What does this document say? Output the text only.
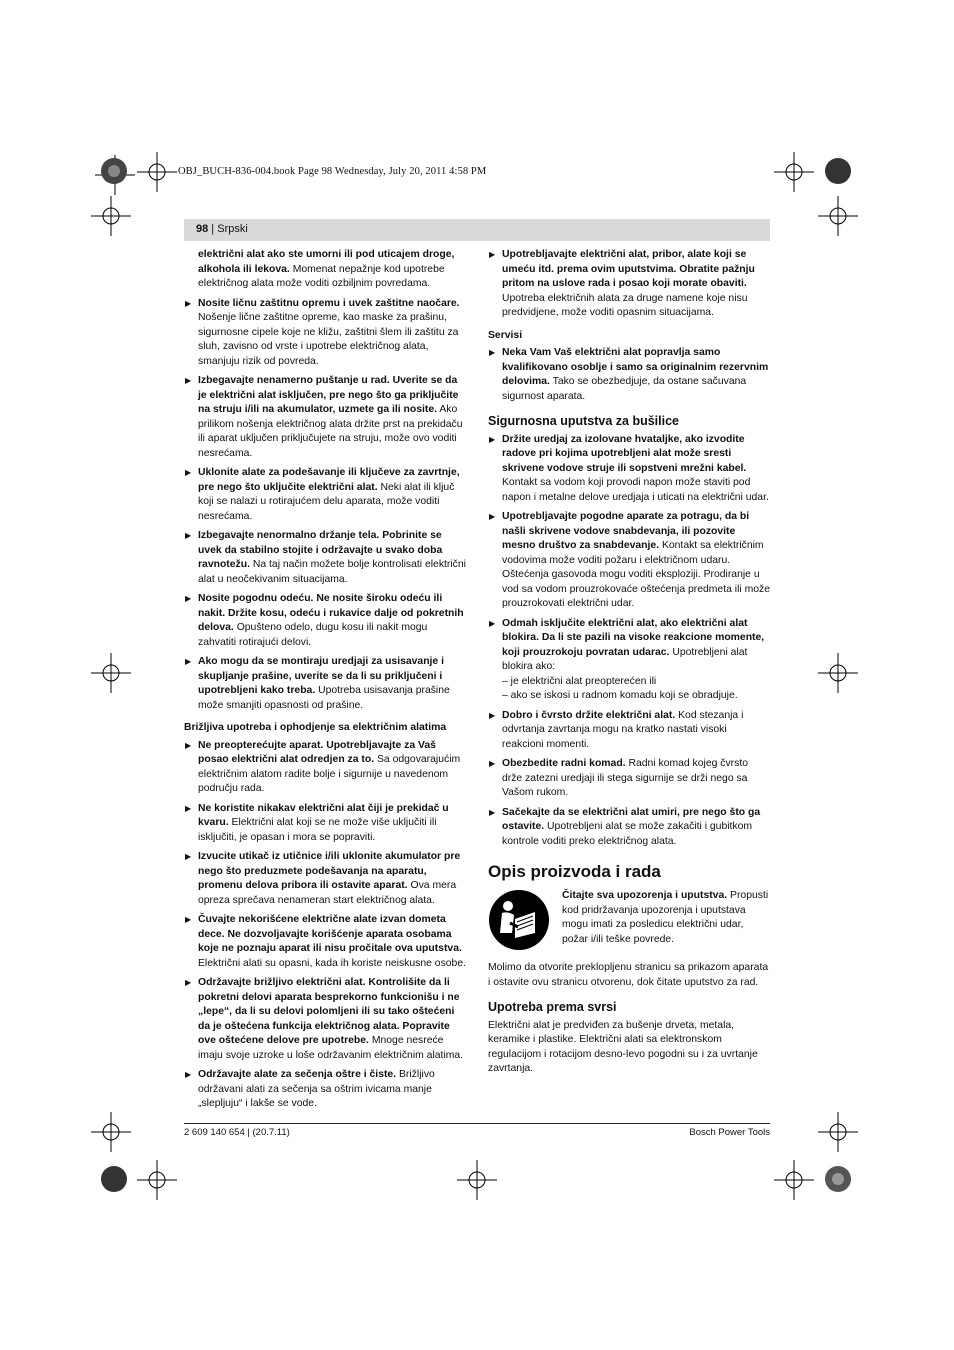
OBJ_BUCH-836-004.book Page 98 Wednesday, July 20, 2011 4:58 PM
98 | Srpski

električni alat ako ste umorni ili pod uticajem droge, alkohola ili lekova. Momenat nepažnje kod upotrebe električnog alata može voditi ozbiljnim povredama.

▶ Nosite ličnu zaštitnu opremu i uvek zaštitne naočare. Nošenje lične zaštitne opreme, kao maske za prašinu, sigurnosne cipele koje ne kližu, zaštitni šlem ili zaštitu za sluh, zavisno od vrste i upotrebe električnog alata, smanjuju rizik od povreda.
▶ Izbegavajte nenamerno puštanje u rad. Uverite se da je električni alat isključen, pre nego što ga priključite na struju i/ili na akumulator, uzmete ga ili nosite. Ako prilikom nošenja električnog alata držite prst na prekidaču ili aparat uključen priključujete na struju, može ovo voditi nesrećama.
▶ Uklonite alate za podešavanje ili ključeve za zavrtnje, pre nego što uključite električni alat. Neki alat ili ključ koji se nalazi u rotirajućem delu aparata, može voditi nesrećama.
▶ Izbegavajte nenormalno držanje tela. Pobrinite se uvek da stabilno stojite i održavajte u svako doba ravnotežu. Na taj način možete bolje kontrolisati električni alat u neočekivanim situacijama.
▶ Nosite pogodnu odeću. Ne nosite široku odeću ili nakit. Držite kosu, odeću i rukavice dalje od pokretnih delova. Opušteno odelo, dugu kosu ili nakit mogu zahvatiti rotirajući delovi.
▶ Ako mogu da se montiraju uredjaji za usisavanje i skupljanje prašine, uverite se da li su priključeni i upotrebljeni kako treba. Upotreba usisavanja prašine može smanjiti opasnosti od prašine.
Brižljiva upotreba i ophodjenje sa električnim alatima
▶ Ne preopterećujte aparat. Upotrebljavajte za Vaš posao električni alat odredjen za to. Sa odgovarajućim električnim alatom radite bolje i sigurnije u navedenom području rada.
▶ Ne koristite nikakav električni alat čiji je prekidač u kvaru. Električni alat koji se ne može više uključiti ili isključiti, je opasan i mora se popraviti.
▶ Izvucite utikač iz utičnice i/ili uklonite akumulator pre nego što preduzmete podešavanja na aparatu, promenu delova pribora ili ostavite aparat. Ova mera opreza sprečava nenameran start električnog alata.
▶ Čuvajte nekorišćene električne alate izvan dometa dece. Ne dozvoljavajte korišćenje aparata osobama koje ne poznaju aparat ili nisu pročitale ova uputstva. Električni alati su opasni, kada ih koriste neiskusne osobe.
▶ Održavajte brižljivo električni alat. Kontrolišite da li pokretni delovi aparata besprekorno funkcionišu i ne „lepe“, da li su delovi polomljeni ili su tako oštećeni da je oštećena funkcija električnog alata. Popravite ove oštećene delove pre upotrebe. Mnoge nesreće imaju svoje uzroke u loše održavanim električnim alatima.
▶ Održavajte alate za sečenja oštre i čiste. Brižljivo održavani alati za sečenja sa oštrim ivicama manje „slepljuju“ i lakše se vode.
▶ Upotrebljavajte električni alat, pribor, alate koji se umeću itd. prema ovim uputstvima. Obratite pažnju pritom na uslove rada i posao koji morate obaviti. Upotreba električnih alata za druge namene koje nisu predvidjene, može voditi opasnim situacijama.
Servisi
▶ Neka Vam Vaš električni alat popravlja samo kvalifikovano osoblje i samo sa originalnim rezervnim delovima. Tako se obezbedjuje, da ostane sačuvana sigurnost aparata.
Sigurnosna uputstva za bušilice
▶ Držite uredjaj za izolovane hvataljke, ako izvodite radove pri kojima upotrebljeni alat može sresti skrivene vodove struje ili sopstveni mrežni kabel. Kontakt sa vodom koji provodi napon može staviti pod napon i metalne delove uredjaja i uticati na električni udar.
▶ Upotrebljavajte pogodne aparate za potragu, da bi našli skrivene vodove snabdevanja, ili pozovite mesno društvo za snabdevanje. Kontakt sa električnim vodovima može voditi požaru i električnom udaru. Oštećenja gasovoda mogu voditi eksploziji. Prodiranje u vod sa vodom prouzrokovaće oštećenja predmeta ili može prouzrokovati električni udar.
▶ Odmah isključite električni alat, ako električni alat blokira. Da li ste pazili na visoke reakcione momente, koji prouzrokoju povratan udarac. Upotrebljeni alat blokira ako:

– je električni alat preopterećen ili

– ako se iskosi u radnom komadu koji se obradjuje.

▶ Dobro i čvrsto držite električni alat. Kod stezanja i odvrtanja zavrtanja mogu na kratko nastati visoki reakcioni momenti.
▶ Obezbedite radni komad. Radni komad kojeg čvrsto drže zatezni uredjaji ili stega sigurnije se drži nego sa Vašom rukom.
▶ Sačekajte da se električni alat umiri, pre nego što ga ostavite. Upotrebljeni alat se može zakačiti i gubitkom kontrole voditi preko električnog alata.
Opis proizvoda i rada
Čitajte sva upozorenja i uputstva. Propusti kod pridržavanja upozorenja i uputstava mogu imati za posledicu električni udar, požar i/ili teške povrede.

Molimo da otvorite preklopljenu stranicu sa prikazom aparata i ostavite ovu stranicu otvorenu, dok čitate uputstvo za rad.

Upotreba prema svrsi

Električni alat je predviđen za bušenje drveta, metala, keramike i plastike. Električni alati sa elektronskom regulacijom i rotacijom desno-levo pogodni su i za uvrtanje zavrtanja.

2 609 140 654 | (20.7.11)	Bosch Power Tools
